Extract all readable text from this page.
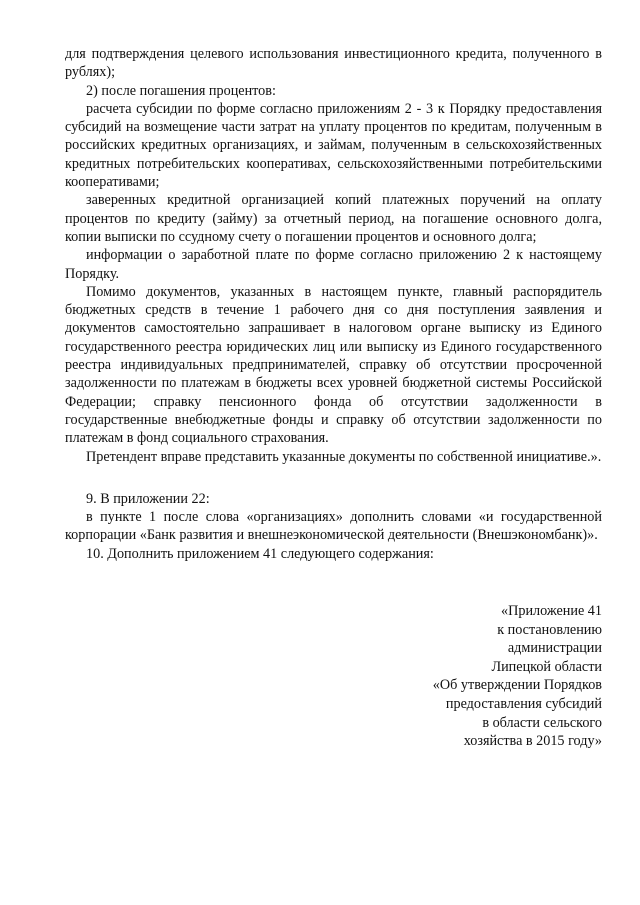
для подтверждения целевого использования инвестиционного кредита, полученного в рублях);

2) после погашения процентов:

расчета субсидии по форме согласно приложениям 2 - 3 к Порядку предоставления субсидий на возмещение части затрат на уплату процентов по кредитам, полученным в российских кредитных организациях, и займам, полученным в сельскохозяйственных кредитных потребительских кооперативах, сельскохозяйственными потребительскими кооперативами;

заверенных кредитной организацией копий платежных поручений на оплату процентов по кредиту (займу) за отчетный период, на погашение основного долга, копии выписки по ссудному счету о погашении процентов и основного долга;

информации о заработной плате по форме согласно приложению 2 к настоящему Порядку.

Помимо документов, указанных в настоящем пункте, главный распорядитель бюджетных средств в течение 1 рабочего дня со дня поступления заявления и документов самостоятельно запрашивает в налоговом органе выписку из Единого государственного реестра юридических лиц или выписку из Единого государственного реестра индивидуальных предпринимателей, справку об отсутствии просроченной задолженности по платежам в бюджеты всех уровней бюджетной системы Российской Федерации; справку пенсионного фонда об отсутствии задолженности в государственные внебюджетные фонды и справку об отсутствии задолженности по платежам в фонд социального страхования.

Претендент вправе представить указанные документы по собственной инициативе.».

9. В приложении 22:

в пункте 1 после слова «организациях» дополнить словами «и государственной корпорации «Банк развития и внешнеэкономической деятельности (Внешэкономбанк)».

10. Дополнить приложением 41 следующего содержания:

«Приложение 41

к постановлению

администрации

Липецкой области

«Об утверждении Порядков

предоставления субсидий

в области сельского

хозяйства в 2015 году»
